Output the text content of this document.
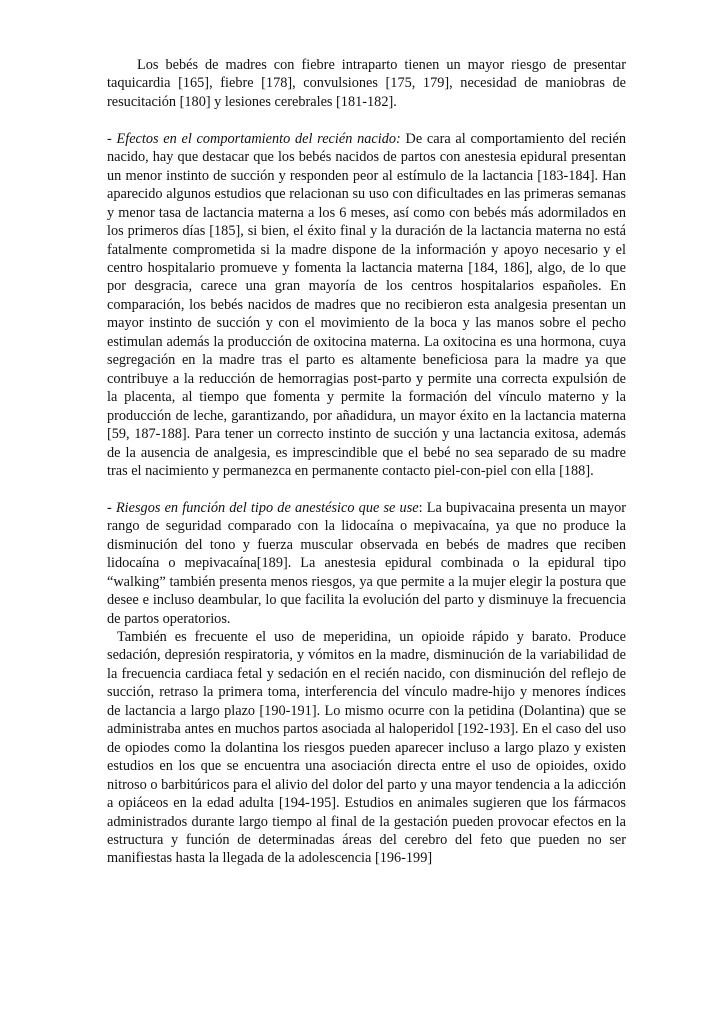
Los bebés de madres con fiebre intraparto tienen un mayor riesgo de presentar taquicardia [165], fiebre [178], convulsiones [175, 179], necesidad de maniobras de resucitación [180] y lesiones cerebrales [181-182].

- Efectos en el comportamiento del recién nacido: De cara al comportamiento del recién nacido, hay que destacar que los bebés nacidos de partos con anestesia epidural presentan un menor instinto de succión y responden peor al estímulo de la lactancia [183-184]. Han aparecido algunos estudios que relacionan su uso con dificultades en las primeras semanas y menor tasa de lactancia materna a los 6 meses, así como con bebés más adormilados en los primeros días [185], si bien, el éxito final y la duración de la lactancia materna no está fatalmente comprometida si la madre dispone de la información y apoyo necesario y el centro hospitalario promueve y fomenta la lactancia materna [184, 186], algo, de lo que por desgracia, carece una gran mayoría de los centros hospitalarios españoles. En comparación, los bebés nacidos de madres que no recibieron esta analgesia presentan un mayor instinto de succión y con el movimiento de la boca y las manos sobre el pecho estimulan además la producción de oxitocina materna. La oxitocina es una hormona, cuya segregación en la madre tras el parto es altamente beneficiosa para la madre ya que contribuye a la reducción de hemorragias post-parto y permite una correcta expulsión de la placenta, al tiempo que fomenta y permite la formación del vínculo materno y la producción de leche, garantizando, por añadidura, un mayor éxito en la lactancia materna [59, 187-188]. Para tener un correcto instinto de succión y una lactancia exitosa, además de la ausencia de analgesia, es imprescindible que el bebé no sea separado de su madre tras el nacimiento y permanezca en permanente contacto piel-con-piel con ella [188].

- Riesgos en función del tipo de anestésico que se use: La bupivacaina presenta un mayor rango de seguridad comparado con la lidocaína o mepivacaína, ya que no produce la disminución del tono y fuerza muscular observada en bebés de madres que reciben lidocaína o mepivacaína[189]. La anestesia epidural combinada o la epidural tipo “walking” también presenta menos riesgos, ya que permite a la mujer elegir la postura que desee e incluso deambular, lo que facilita la evolución del parto y disminuye la frecuencia de partos operatorios.

También es frecuente el uso de meperidina, un opioide rápido y barato. Produce sedación, depresión respiratoria, y vómitos en la madre, disminución de la variabilidad de la frecuencia cardiaca fetal y sedación en el recién nacido, con disminución del reflejo de succión, retraso la primera toma, interferencia del vínculo madre-hijo y menores índices de lactancia a largo plazo [190-191]. Lo mismo ocurre con la petidina (Dolantina) que se administraba antes en muchos partos asociada al haloperidol [192-193]. En el caso del uso de opiodes como la dolantina los riesgos pueden aparecer incluso a largo plazo y existen estudios en los que se encuentra una asociación directa entre el uso de opioides, oxido nitroso o barbitúricos para el alivio del dolor del parto y una mayor tendencia a la adicción a opiáceos en la edad adulta [194-195]. Estudios en animales sugieren que los fármacos administrados durante largo tiempo al final de la gestación pueden provocar efectos en la estructura y función de determinadas áreas del cerebro del feto que pueden no ser manifiestas hasta la llegada de la adolescencia [196-199]
